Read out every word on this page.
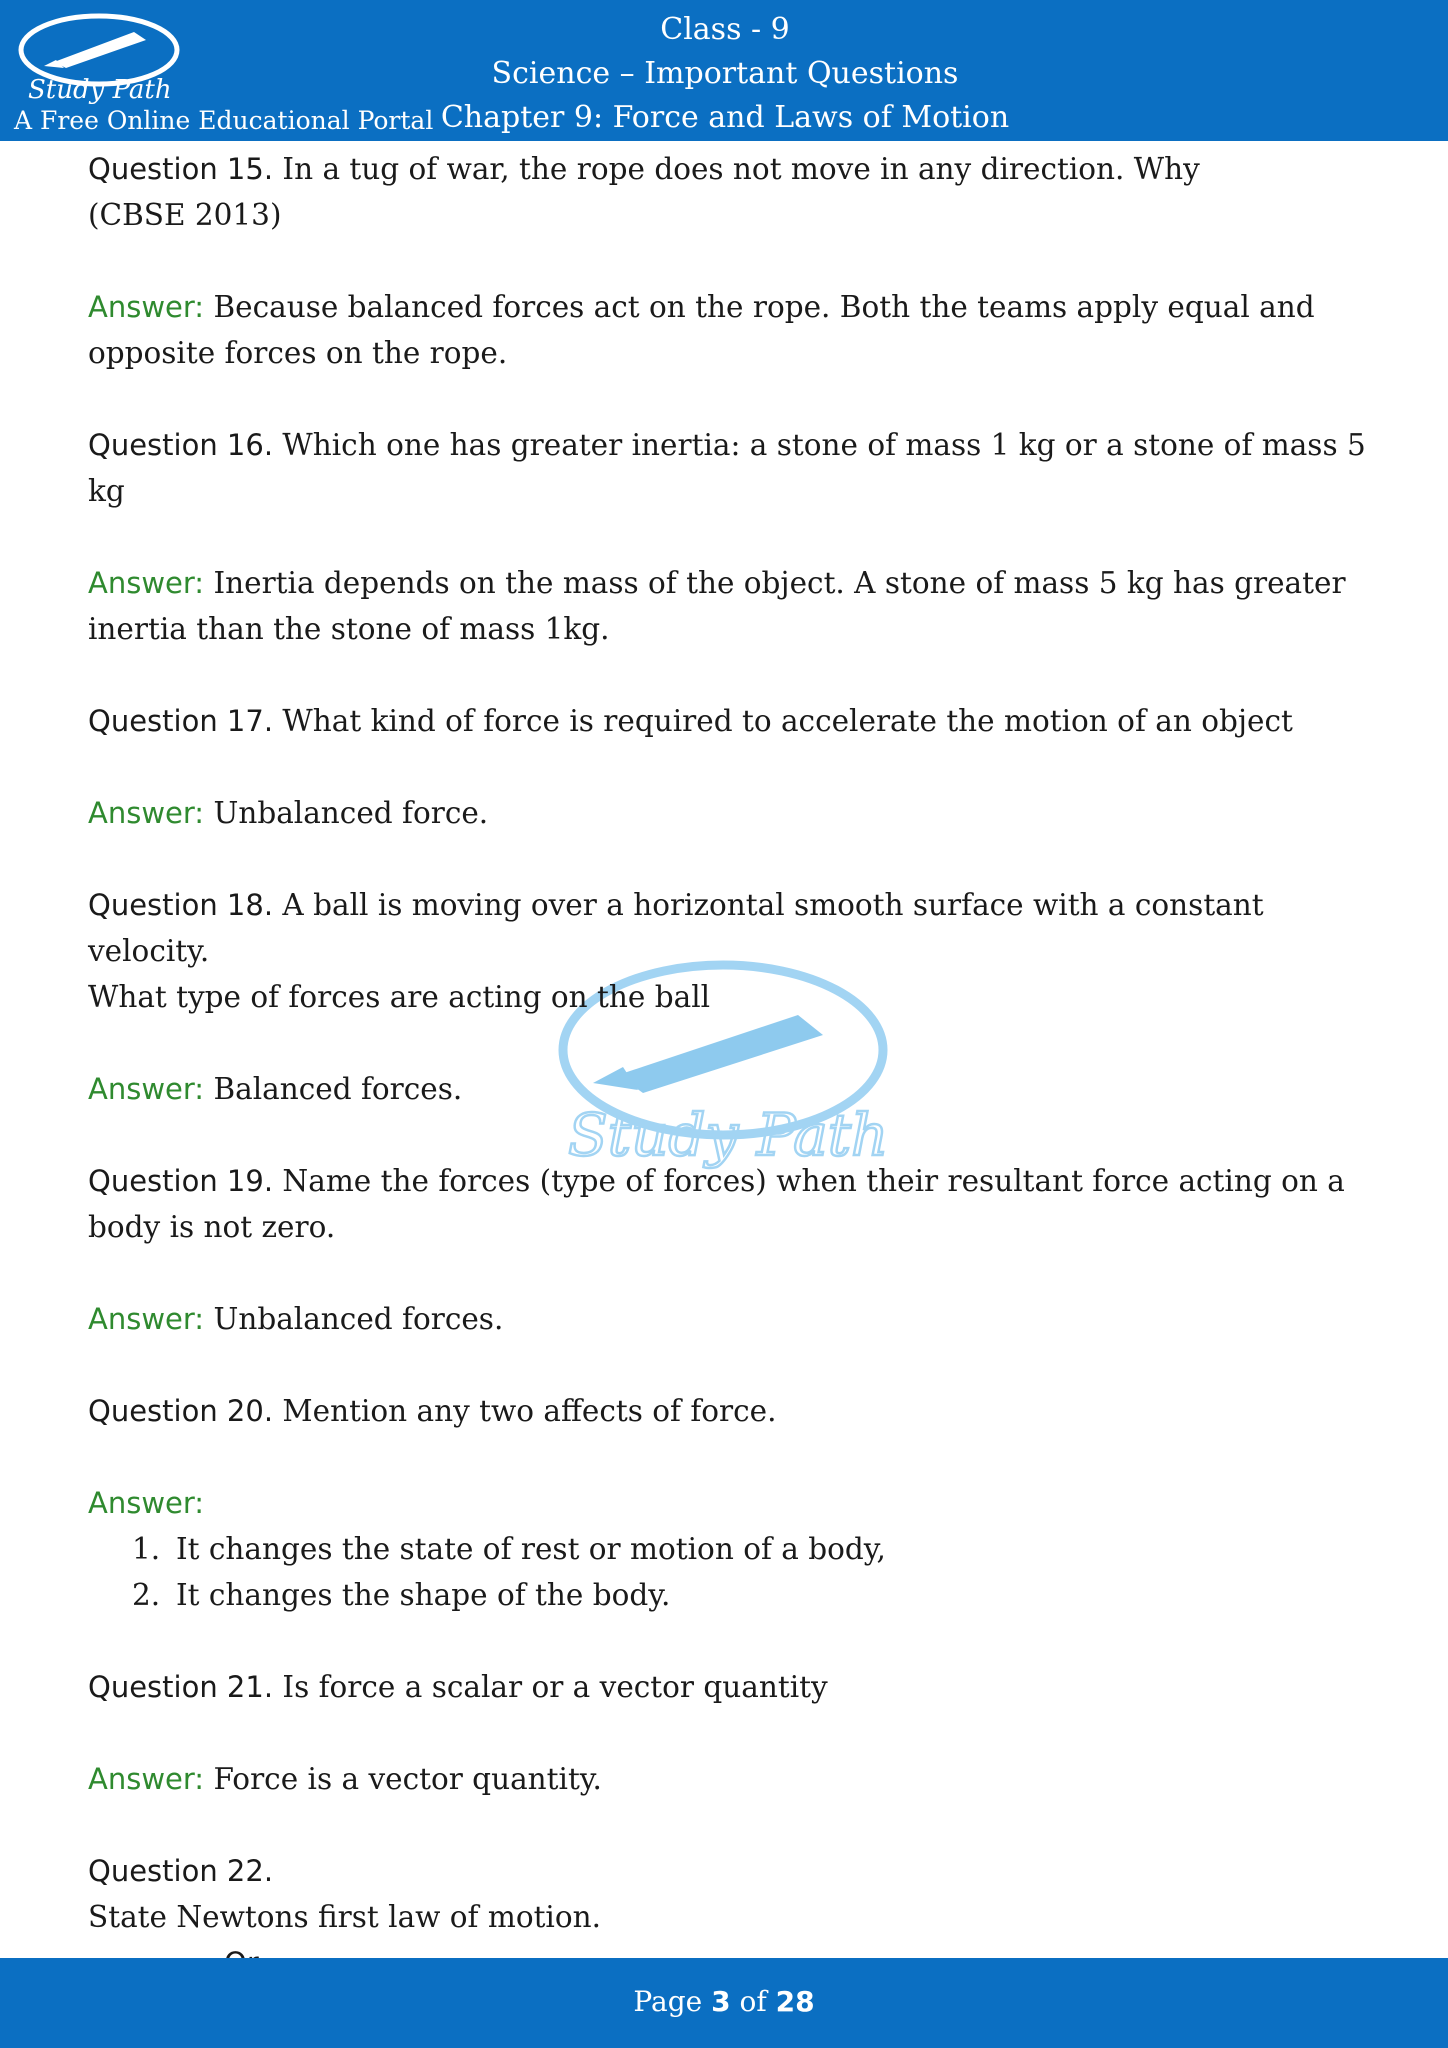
Study Path
A Free Online Educational Portal
Class - 9
Science – Important Questions
Chapter 9: Force and Laws of Motion
Study Path
Question 15. In a tug of war, the rope does not move in any direction. Why
(CBSE 2013)
Answer: Because balanced forces act on the rope. Both the teams apply equal and
opposite forces on the rope.
Question 16. Which one has greater inertia: a stone of mass 1 kg or a stone of mass 5
kg
Answer: Inertia depends on the mass of the object. A stone of mass 5 kg has greater
inertia than the stone of mass 1kg.
Question 17. What kind of force is required to accelerate the motion of an object
Answer: Unbalanced force.
Question 18. A ball is moving over a horizontal smooth surface with a constant velocity.
What type of forces are acting on the ball
Answer: Balanced forces.
Question 19. Name the forces (type of forces) when their resultant force acting on a
body is not zero.
Answer: Unbalanced forces.
Question 20. Mention any two affects of force.
Answer:
1. It changes the state of rest or motion of a body,
2. It changes the shape of the body.
Question 21. Is force a scalar or a vector quantity
Answer: Force is a vector quantity.
Question 22.
State Newtons first law of motion.
Page 3 of 28
